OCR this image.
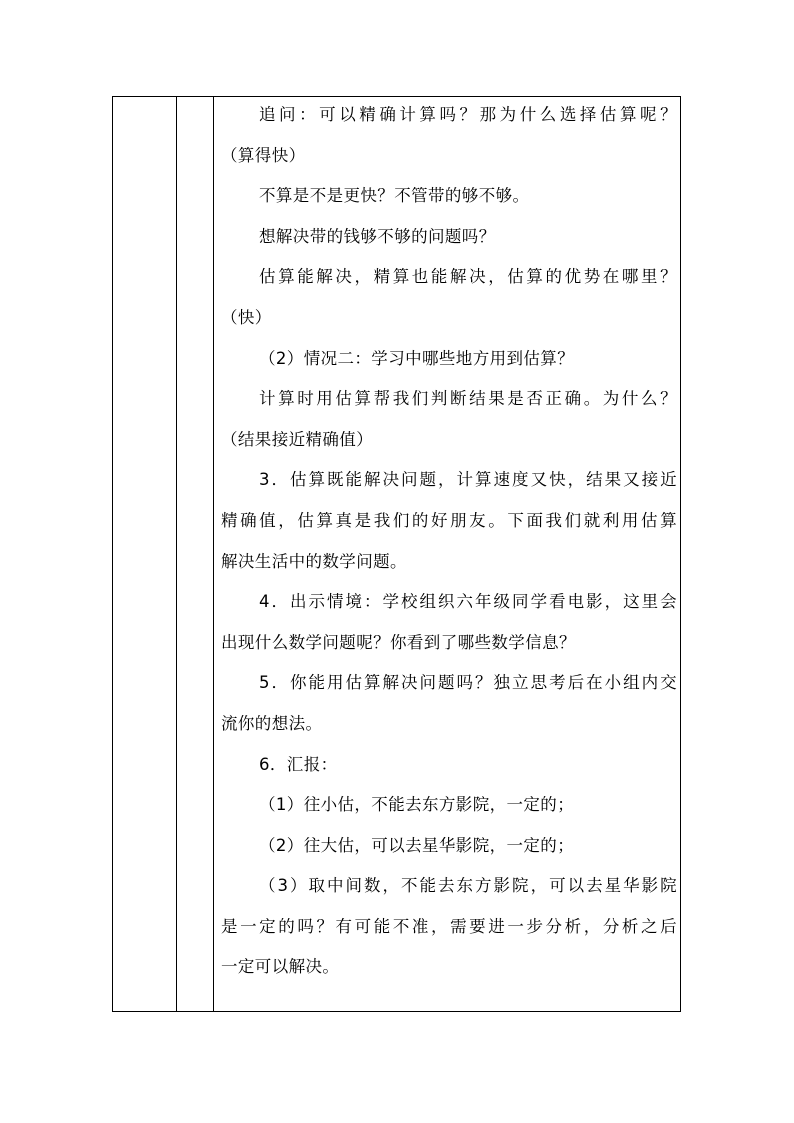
追问：可以精确计算吗？那为什么选择估算呢？
（算得快）
不算是不是更快？不管带的够不够。
想解决带的钱够不够的问题吗？
估算能解决，精算也能解决，估算的优势在哪里？
（快）
（2）情况二：学习中哪些地方用到估算？
计算时用估算帮我们判断结果是否正确。为什么？
（结果接近精确值）
3．估算既能解决问题，计算速度又快，结果又接近
精确值，估算真是我们的好朋友。下面我们就利用估算
解决生活中的数学问题。
4．出示情境：学校组织六年级同学看电影，这里会
出现什么数学问题呢？你看到了哪些数学信息？
5．你能用估算解决问题吗？独立思考后在小组内交
流你的想法。
6．汇报：
（1）往小估，不能去东方影院，一定的；
（2）往大估，可以去星华影院，一定的；
（3）取中间数，不能去东方影院，可以去星华影院
是一定的吗？有可能不准，需要进一步分析，分析之后
一定可以解决。
